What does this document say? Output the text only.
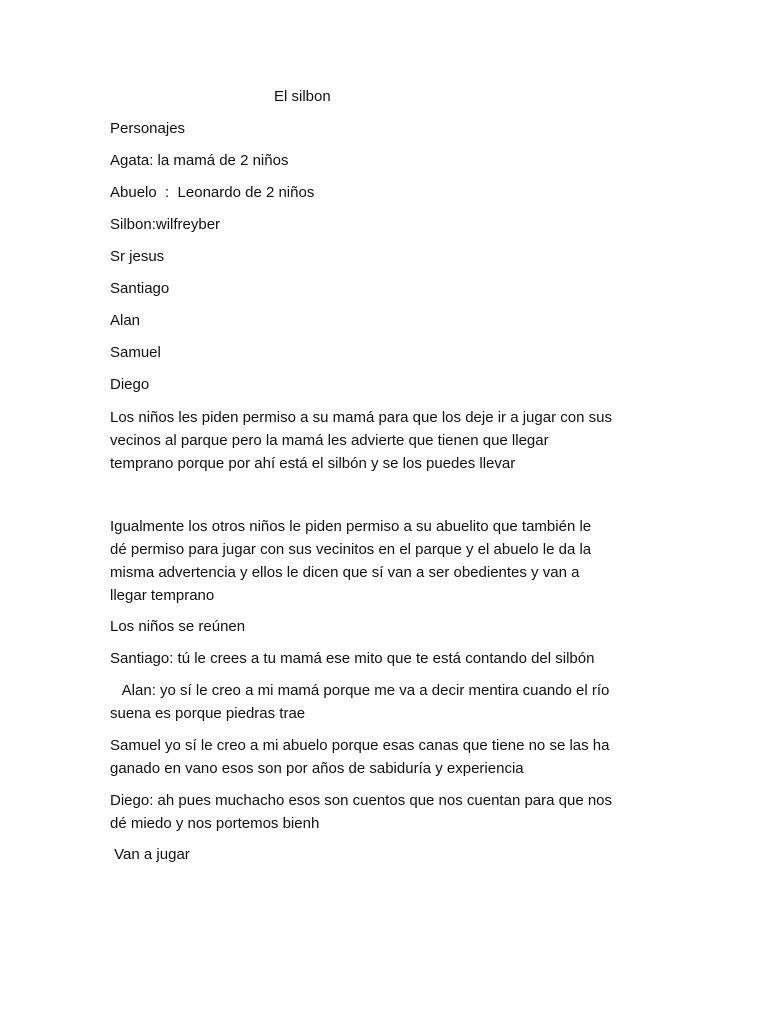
El silbon
Personajes
Agata: la mamá de 2 niños
Abuelo  :  Leonardo de 2 niños
Silbon:wilfreyber
Sr jesus
Santiago
Alan
Samuel
Diego
Los niños les piden permiso a su mamá para que los deje ir a jugar con sus
vecinos al parque pero la mamá les advierte que tienen que llegar
temprano porque por ahí está el silbón y se los puedes llevar
Igualmente los otros niños le piden permiso a su abuelito que también le
dé permiso para jugar con sus vecinitos en el parque y el abuelo le da la
misma advertencia y ellos le dicen que sí van a ser obedientes y van a
llegar temprano
Los niños se reúnen
Santiago: tú le crees a tu mamá ese mito que te está contando del silbón
Alan: yo sí le creo a mi mamá porque me va a decir mentira cuando el río
suena es porque piedras trae
Samuel yo sí le creo a mi abuelo porque esas canas que tiene no se las ha
ganado en vano esos son por años de sabiduría y experiencia
Diego: ah pues muchacho esos son cuentos que nos cuentan para que nos
dé miedo y nos portemos bienh
Van a jugar
